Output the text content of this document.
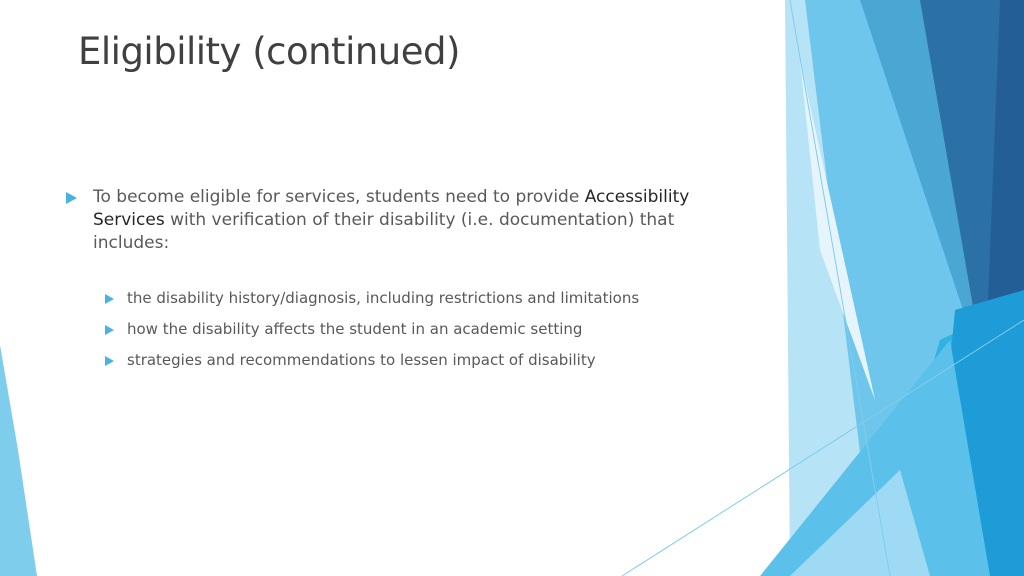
Eligibility (continued)
To become eligible for services, students need to provide Accessibility Services with verification of their disability (i.e. documentation) that includes:
the disability history/diagnosis, including restrictions and limitations
how the disability affects the student in an academic setting
strategies and recommendations to lessen impact of disability
